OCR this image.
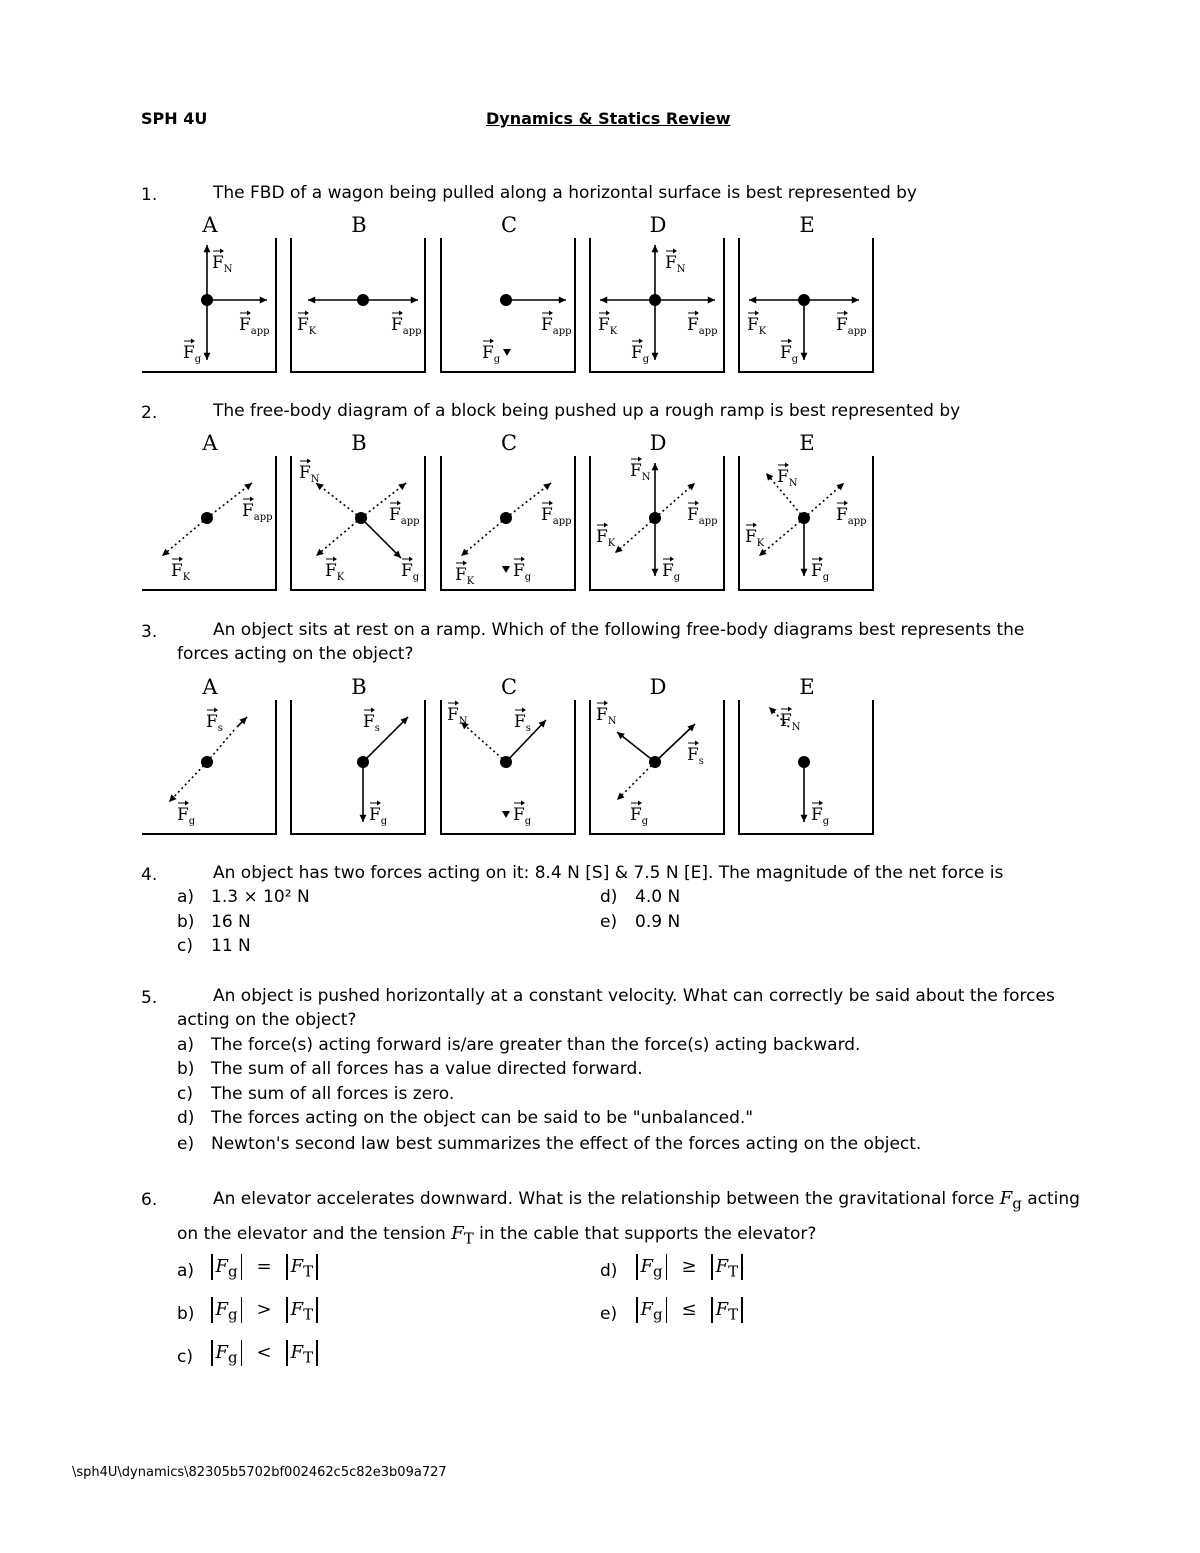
SPH 4U	Dynamics & Statics Review
1.	The FBD of a wagon being pulled along a horizontal surface is best represented by
A	B	C	D	E
$F_N$
$F_{app}$
$F_g$
$F_K$	$F_{app}$	$F_{app}$
$F_g$
$F_N$
$F_K$	$F_{app}$
$F_g$
$F_K$	$F_{app}$
$F_g$
2.	The free-body diagram of a block being pushed up a rough ramp is best represented by
A	B	C	D	E
$F_{app}$
$F_K$
$F_N$
$F_{app}$
$F_K$	$F_g$
$F_{app}$
$F_K$
$F_g$
$F_N$
$F_{app}$
$F_K$
$F_g$
$F_N$
$F_{app}$
$F_K$
$F_g$
3.	An object sits at rest on a ramp. Which of the following free-body diagrams best represents the
forces acting on the object?
A	B	C	D	E
$F_s$
$F_g$
$F_s$
$F_g$
$F_N$	$F_s$
$F_g$
$F_N$
$F_s$
$F_g$
$F_N$
$F_g$
4.	An object has two forces acting on it: 8.4 N [S] & 7.5 N [E]. The magnitude of the net force is
a) 1.3 × 10² N
b) 16 N
c) 11 N
d) 4.0 N
e) 0.9 N
5.	An object is pushed horizontally at a constant velocity. What can correctly be said about the forces
acting on the object?
a) The force(s) acting forward is/are greater than the force(s) acting backward.
b) The sum of all forces has a value directed forward.
c) The sum of all forces is zero.
d) The forces acting on the object can be said to be "unbalanced."
e) Newton's second law best summarizes the effect of the forces acting on the object.
6.	An elevator accelerates downward. What is the relationship between the gravitational force $F_g$ acting
on the elevator and the tension $F_T$ in the cable that supports the elevator?
a)	$F_g = F_T$
b)	$F_g > F_T$
c)	$F_g < F_T$
d)	$F_g \ge F_T$
e)	$F_g \le F_T$
\sph4U\dynamics\82305b5702bf002462c5c82e3b09a727
